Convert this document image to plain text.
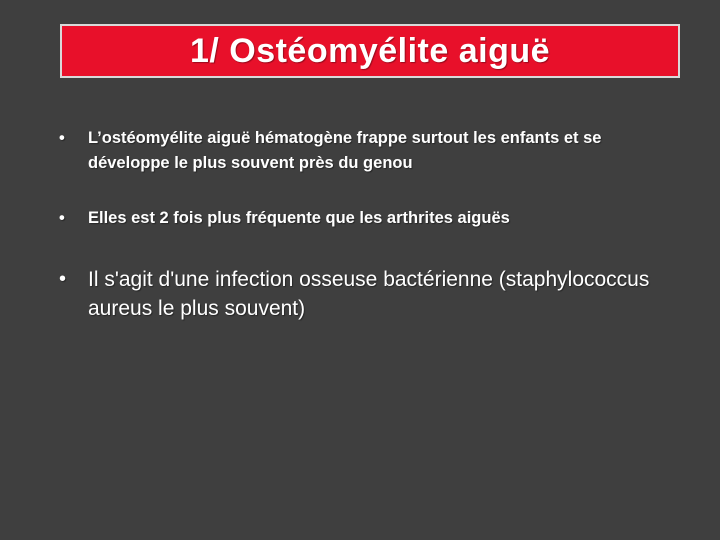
1/ Ostéomyélite aiguë
•	L’ostéomyélite aiguë hématogène frappe surtout les enfants et se développe le plus souvent près du genou
•	Elles est 2 fois plus fréquente que les arthrites aiguës
•	Il s'agit d'une infection osseuse bactérienne (staphylococcus aureus le plus souvent)
